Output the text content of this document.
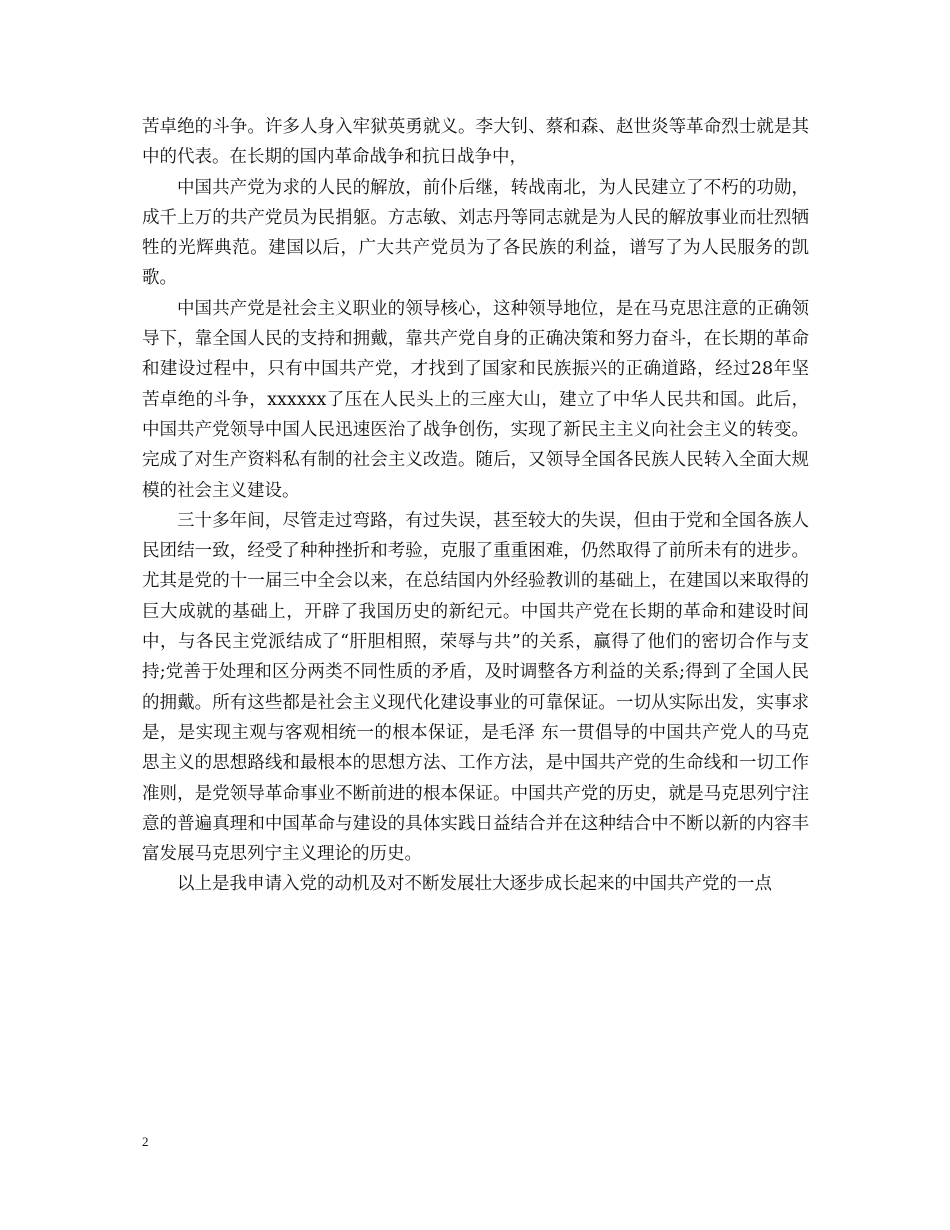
苦卓绝的斗争。许多人身入牢狱英勇就义。李大钊、蔡和森、赵世炎等革命烈士就是其中的代表。在长期的国内革命战争和抗日战争中，

中国共产党为求的人民的解放，前仆后继，转战南北，为人民建立了不朽的功勋，成千上万的共产党员为民捐躯。方志敏、刘志丹等同志就是为人民的解放事业而壮烈牺牲的光辉典范。建国以后，广大共产党员为了各民族的利益，谱写了为人民服务的凯歌。

中国共产党是社会主义职业的领导核心，这种领导地位，是在马克思注意的正确领导下，靠全国人民的支持和拥戴，靠共产党自身的正确决策和努力奋斗，在长期的革命和建设过程中，只有中国共产党，才找到了国家和民族振兴的正确道路，经过28年坚苦卓绝的斗争，xxxxxx了压在人民头上的三座大山，建立了中华人民共和国。此后，中国共产党领导中国人民迅速医治了战争创伤，实现了新民主主义向社会主义的转变。完成了对生产资料私有制的社会主义改造。随后，又领导全国各民族人民转入全面大规模的社会主义建设。

三十多年间，尽管走过弯路，有过失误，甚至较大的失误，但由于党和全国各族人民团结一致，经受了种种挫折和考验，克服了重重困难，仍然取得了前所未有的进步。尤其是党的十一届三中全会以来，在总结国内外经验教训的基础上，在建国以来取得的巨大成就的基础上，开辟了我国历史的新纪元。中国共产党在长期的革命和建设时间中，与各民主党派结成了“肝胆相照，荣辱与共”的关系，赢得了他们的密切合作与支持;党善于处理和区分两类不同性质的矛盾，及时调整各方利益的关系;得到了全国人民的拥戴。所有这些都是社会主义现代化建设事业的可靠保证。一切从实际出发，实事求是，是实现主观与客观相统一的根本保证，是毛泽 东一贯倡导的中国共产党人的马克思主义的思想路线和最根本的思想方法、工作方法，是中国共产党的生命线和一切工作准则，是党领导革命事业不断前进的根本保证。中国共产党的历史，就是马克思列宁注意的普遍真理和中国革命与建设的具体实践日益结合并在这种结合中不断以新的内容丰富发展马克思列宁主义理论的历史。

以上是我申请入党的动机及对不断发展壮大逐步成长起来的中国共产党的一点

2
